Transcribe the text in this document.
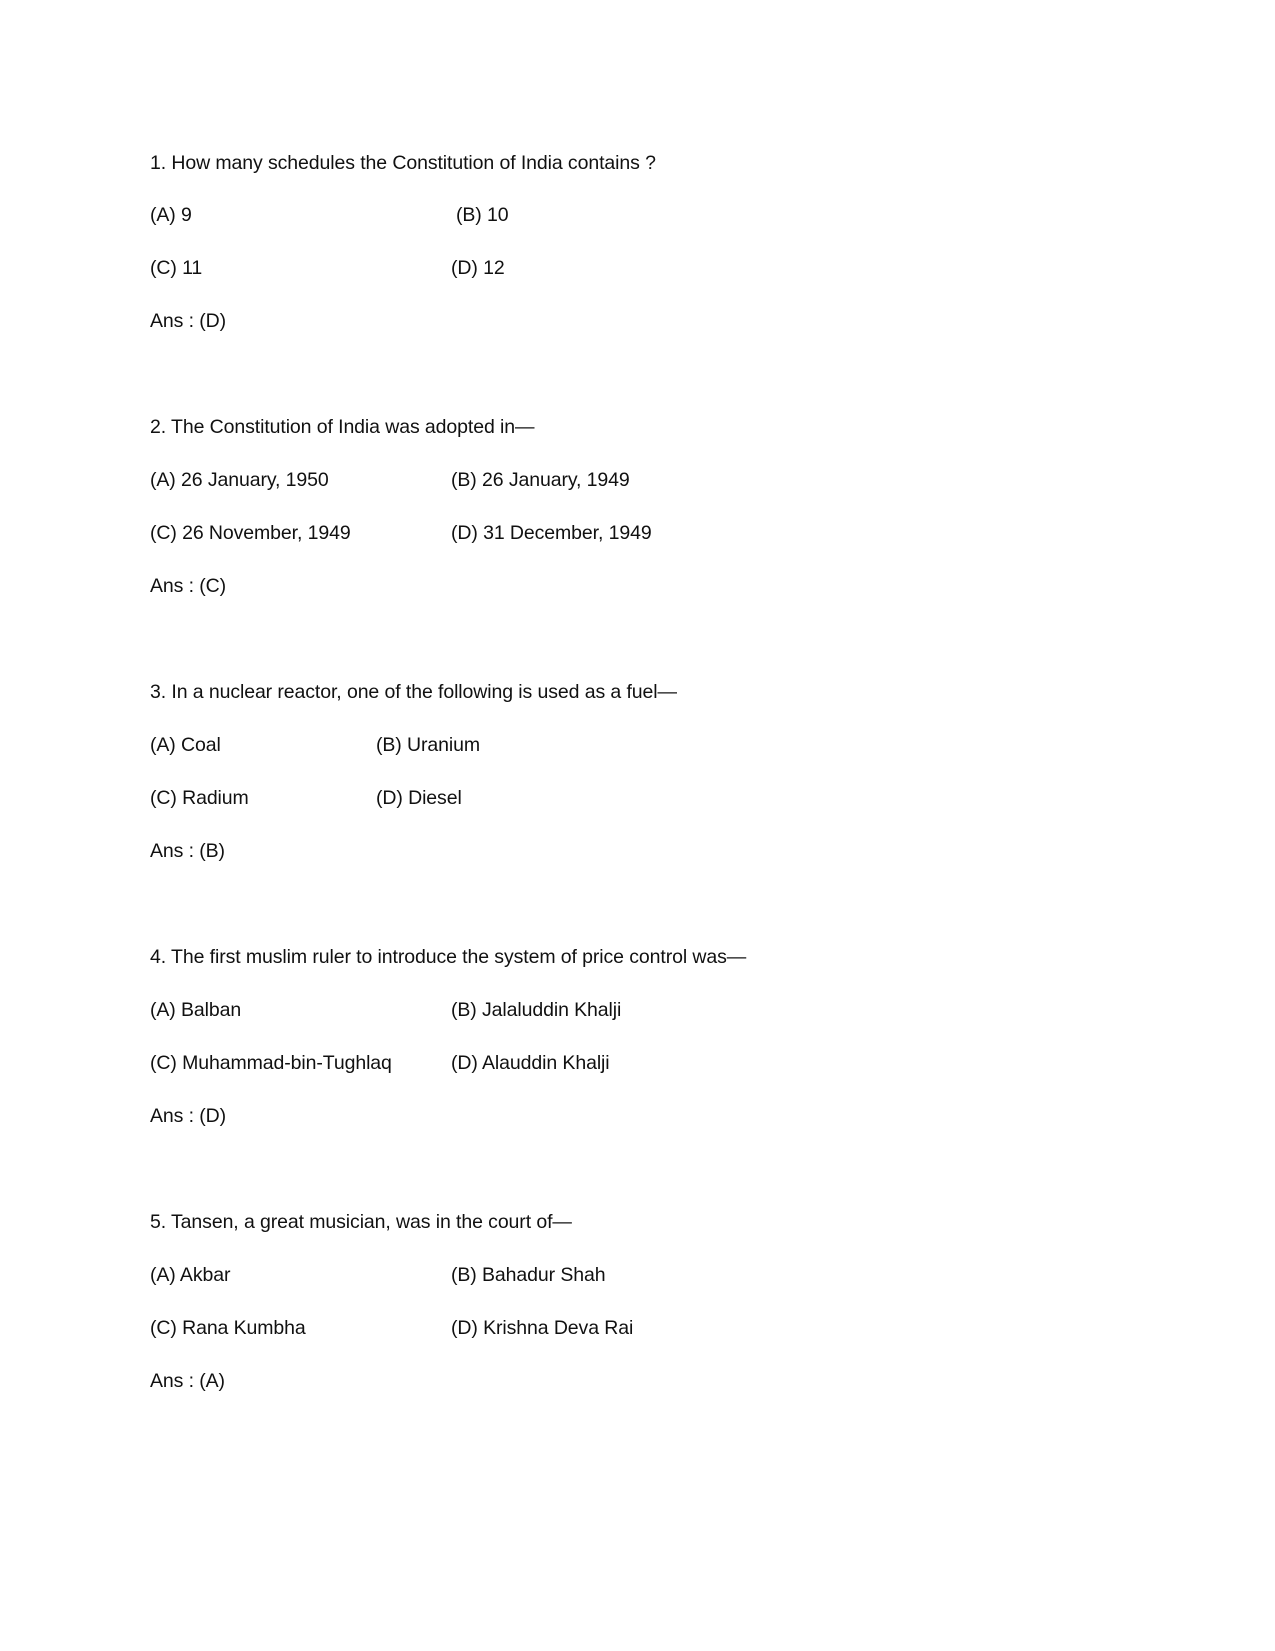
1. How many schedules the Constitution of India contains ?
(A) 9	(B) 10
(C) 11	(D) 12
Ans : (D)
2. The Constitution of India was adopted in—
(A) 26 January, 1950	(B) 26 January, 1949
(C) 26 November, 1949	(D) 31 December, 1949
Ans : (C)
3. In a nuclear reactor, one of the following is used as a fuel—
(A) Coal	(B) Uranium
(C) Radium	(D) Diesel
Ans : (B)
4. The first muslim ruler to introduce the system of price control was—
(A) Balban	(B) Jalaluddin Khalji
(C) Muhammad-bin-Tughlaq	(D) Alauddin Khalji
Ans : (D)
5. Tansen, a great musician, was in the court of—
(A) Akbar	(B) Bahadur Shah
(C) Rana Kumbha	(D) Krishna Deva Rai
Ans : (A)
